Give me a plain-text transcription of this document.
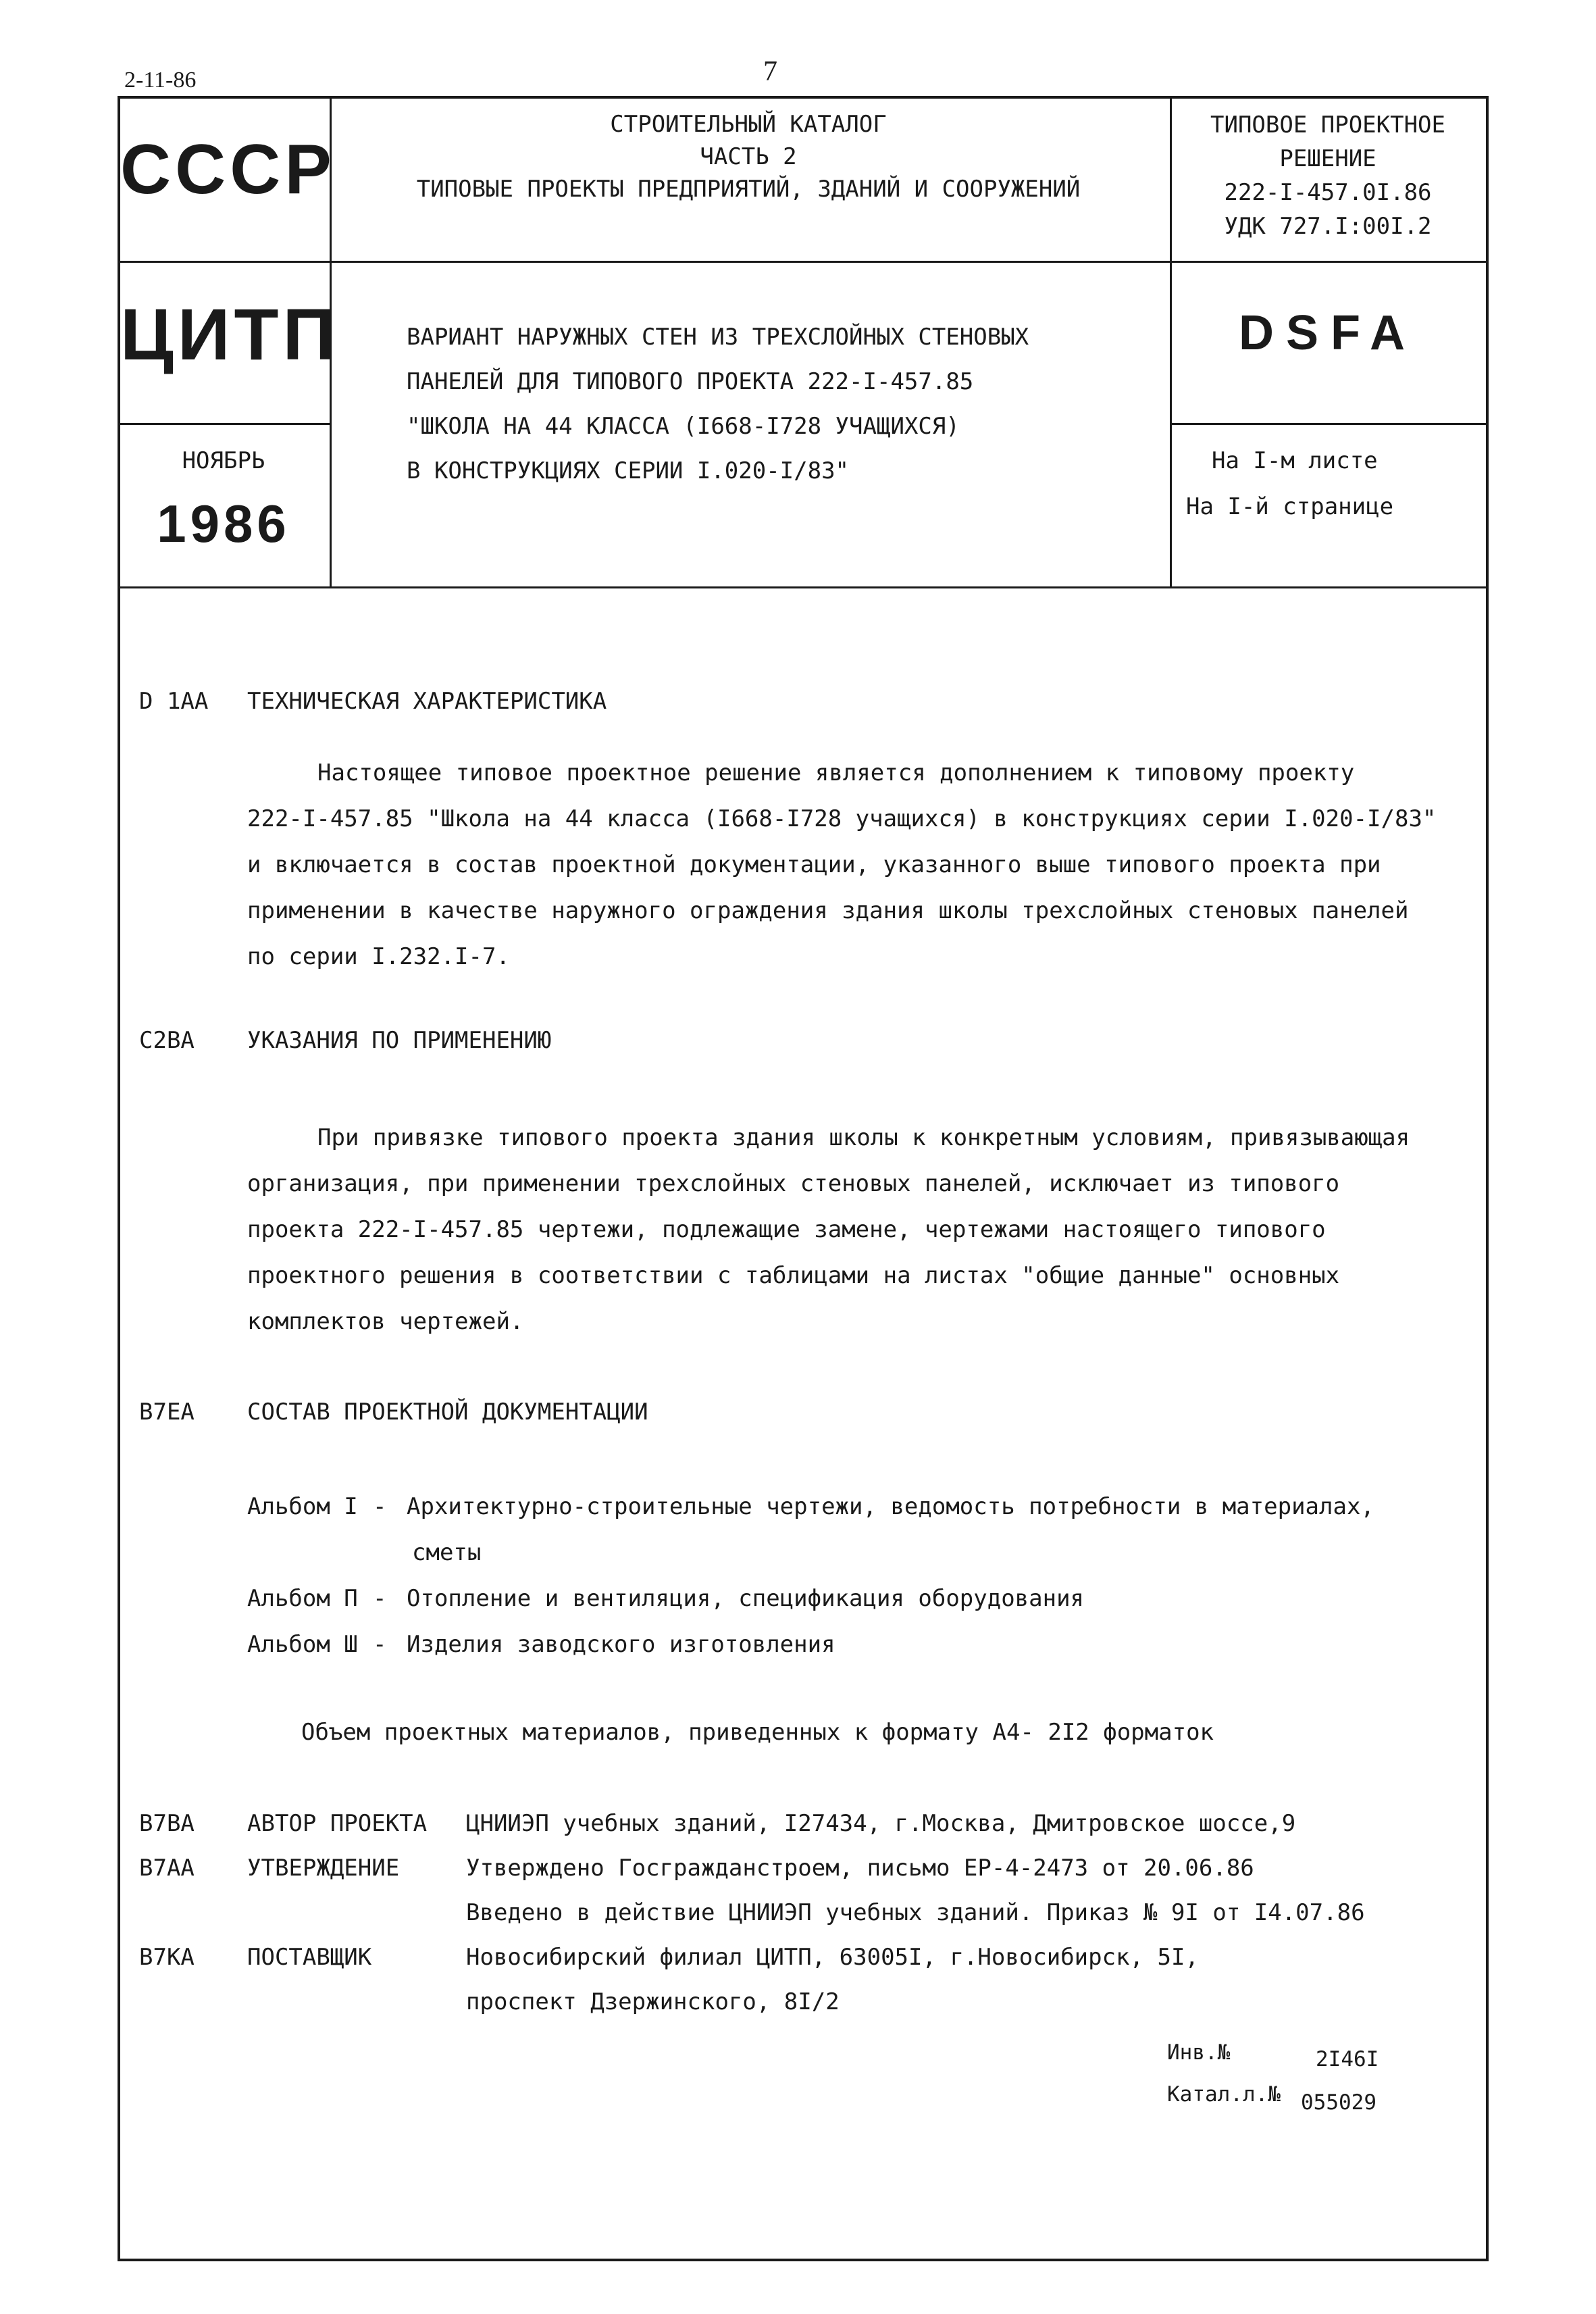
2-11-86	7
СССР
ЦИТП
НОЯБРЬ
1986
СТРОИТЕЛЬНЫЙ КАТАЛОГ
ЧАСТЬ 2
ТИПОВЫЕ ПРОЕКТЫ ПРЕДПРИЯТИЙ, ЗДАНИЙ И СООРУЖЕНИЙ
ВАРИАНТ НАРУЖНЫХ СТЕН ИЗ ТРЕХСЛОЙНЫХ СТЕНОВЫХ
ПАНЕЛЕЙ ДЛЯ ТИПОВОГО ПРОЕКТА 222-I-457.85
"ШКОЛА НА 44 КЛАССА (I668-I728 УЧАЩИХСЯ)
В КОНСТРУКЦИЯХ СЕРИИ I.020-I/83"
ТИПОВОЕ ПРОЕКТНОЕ
РЕШЕНИЕ
222-I-457.0I.86
УДК 727.I:00I.2
DSFA
На I-м листе
На I-й странице
D 1AA ТЕХНИЧЕСКАЯ ХАРАКТЕРИСТИКА
Настоящее типовое проектное решение является дополнением к типовому проекту
222-I-457.85 "Школа на 44 класса (I668-I728 учащихся) в конструкциях серии I.020-I/83"
и включается в состав проектной документации, указанного выше типового проекта при
применении в качестве наружного ограждения здания школы трехслойных стеновых панелей
по серии I.232.I-7.
C2BA УКАЗАНИЯ ПО ПРИМЕНЕНИЮ
При привязке типового проекта здания школы к конкретным условиям, привязывающая
организация, при применении трехслойных стеновых панелей, исключает из типового
проекта 222-I-457.85 чертежи, подлежащие замене, чертежами настоящего типового
проектного решения в соответствии с таблицами на листах "общие данные" основных
комплектов чертежей.
B7EA СОСТАВ ПРОЕКТНОЙ ДОКУМЕНТАЦИИ
Альбом I - Архитектурно-строительные чертежи, ведомость потребности в материалах,
сметы
Альбом П - Отопление и вентиляция, спецификация оборудования
Альбом Ш - Изделия заводского изготовления
Объем проектных материалов, приведенных к формату А4- 2I2 форматок
B7BA	АВТОР ПРОЕКТА	ЦНИИЭП учебных зданий, I27434, г.Москва, Дмитровское шоссе,9
B7AA	УТВЕРЖДЕНИЕ	Утверждено Госгражданстроем, письмо ЕР-4-2473 от 20.06.86
Введено в действие ЦНИИЭП учебных зданий. Приказ № 9I от I4.07.86
B7KA	ПОСТАВЩИК	Новосибирский филиал ЦИТП, 63005I, г.Новосибирск, 5I,
проспект Дзержинского, 8I/2
Инв.№	2I46I
Катал.л.№ 055029
